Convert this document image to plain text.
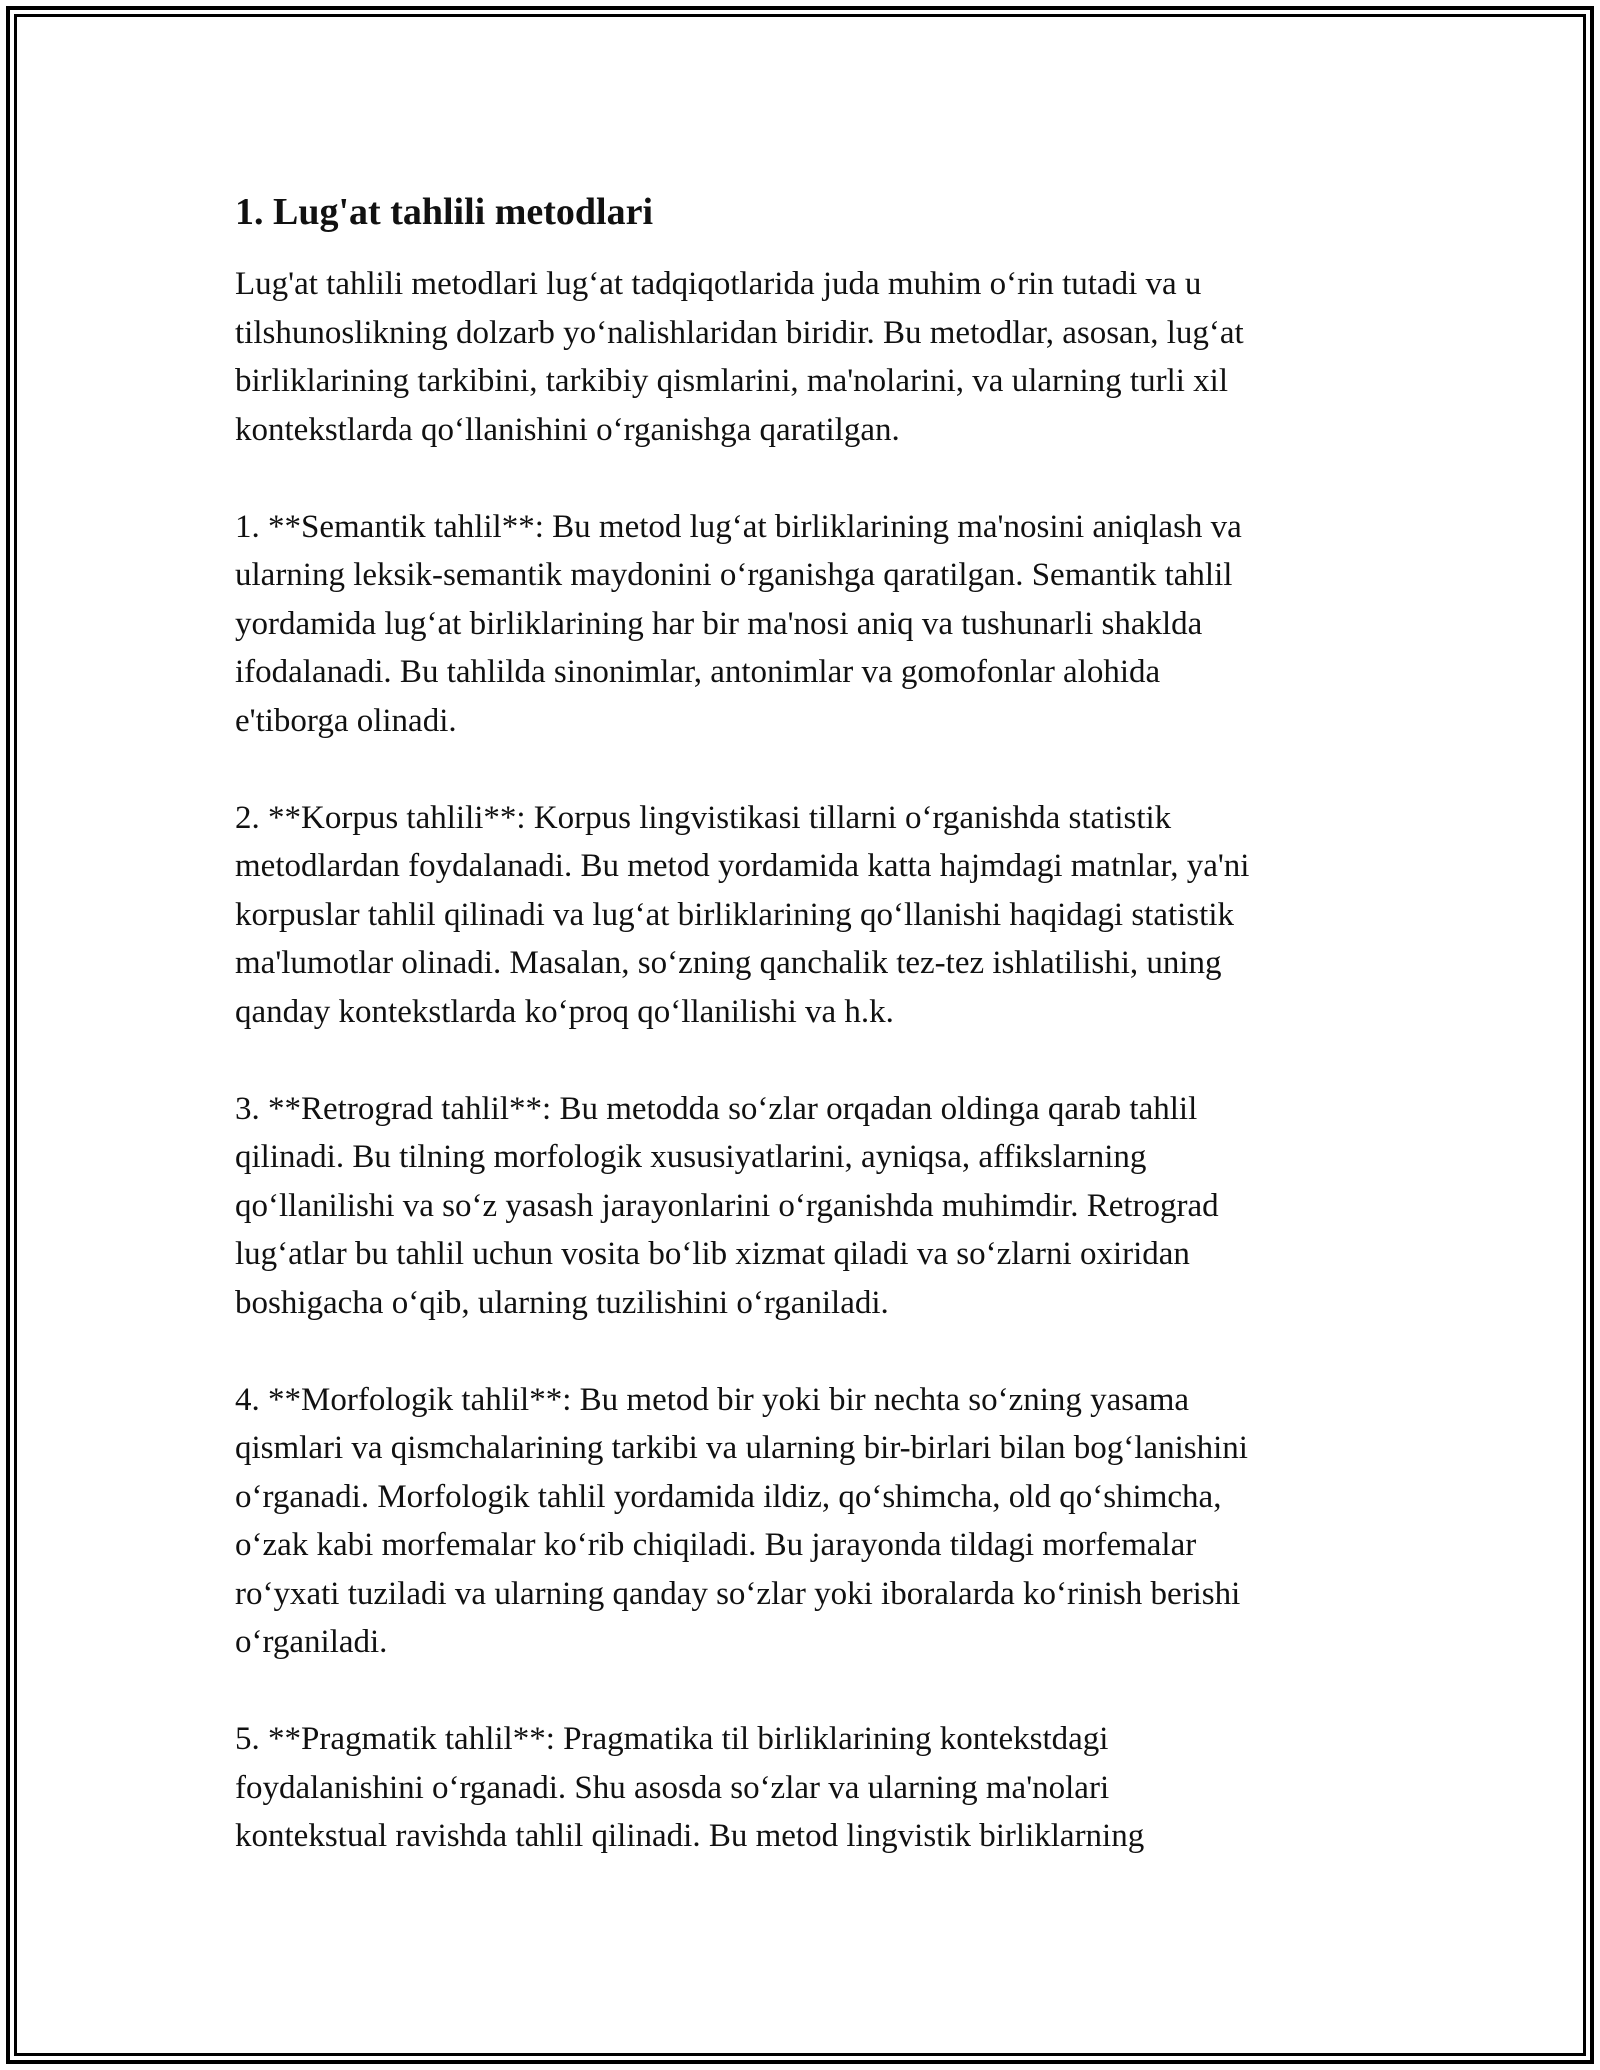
1. Lug'at tahlili metodlari

Lug'at tahlili metodlari lug‘at tadqiqotlarida juda muhim o‘rin tutadi va u
tilshunoslikning dolzarb yo‘nalishlaridan biridir. Bu metodlar, asosan, lug‘at
birliklarining tarkibini, tarkibiy qismlarini, ma'nolarini, va ularning turli xil
kontekstlarda qo‘llanishini o‘rganishga qaratilgan.

1. **Semantik tahlil**: Bu metod lug‘at birliklarining ma'nosini aniqlash va
ularning leksik-semantik maydonini o‘rganishga qaratilgan. Semantik tahlil
yordamida lug‘at birliklarining har bir ma'nosi aniq va tushunarli shaklda
ifodalanadi. Bu tahlilda sinonimlar, antonimlar va gomofonlar alohida
e'tiborga olinadi.

2. **Korpus tahlili**: Korpus lingvistikasi tillarni o‘rganishda statistik
metodlardan foydalanadi. Bu metod yordamida katta hajmdagi matnlar, ya'ni
korpuslar tahlil qilinadi va lug‘at birliklarining qo‘llanishi haqidagi statistik
ma'lumotlar olinadi. Masalan, so‘zning qanchalik tez-tez ishlatilishi, uning
qanday kontekstlarda ko‘proq qo‘llanilishi va h.k.

3. **Retrograd tahlil**: Bu metodda so‘zlar orqadan oldinga qarab tahlil
qilinadi. Bu tilning morfologik xususiyatlarini, ayniqsa, affikslarning
qo‘llanilishi va so‘z yasash jarayonlarini o‘rganishda muhimdir. Retrograd
lug‘atlar bu tahlil uchun vosita bo‘lib xizmat qiladi va so‘zlarni oxiridan
boshigacha o‘qib, ularning tuzilishini o‘rganiladi.

4. **Morfologik tahlil**: Bu metod bir yoki bir nechta so‘zning yasama
qismlari va qismchalarining tarkibi va ularning bir-birlari bilan bog‘lanishini
o‘rganadi. Morfologik tahlil yordamida ildiz, qo‘shimcha, old qo‘shimcha,
o‘zak kabi morfemalar ko‘rib chiqiladi. Bu jarayonda tildagi morfemalar
ro‘yxati tuziladi va ularning qanday so‘zlar yoki iboralarda ko‘rinish berishi
o‘rganiladi.

5. **Pragmatik tahlil**: Pragmatika til birliklarining kontekstdagi
foydalanishini o‘rganadi. Shu asosda so‘zlar va ularning ma'nolari
kontekstual ravishda tahlil qilinadi. Bu metod lingvistik birliklarning
